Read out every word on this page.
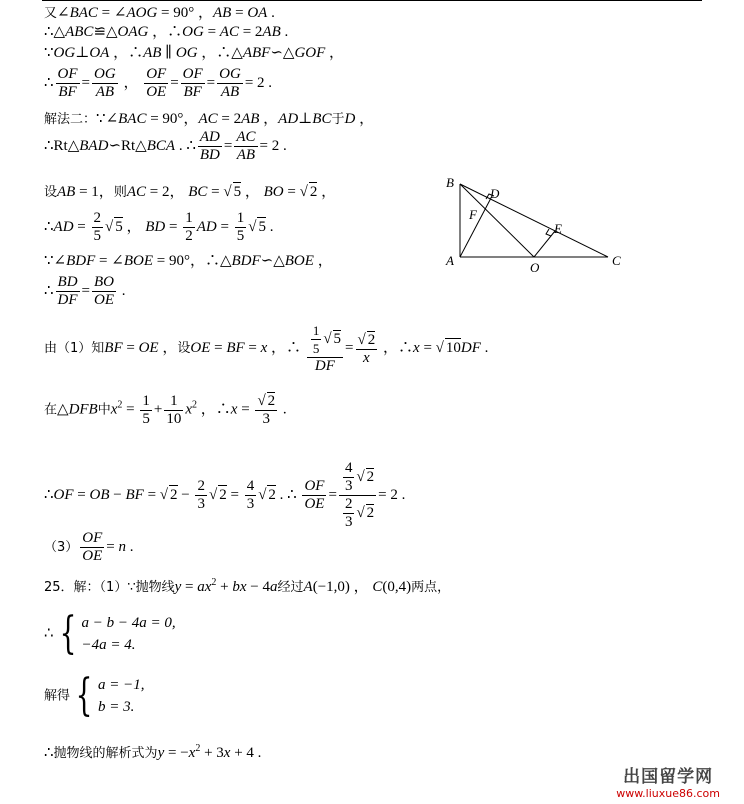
又∠BAC = ∠AOG = 90° ，AB = OA .
∴△ABC≌△OAG ，∴OG = AC = 2AB .
∵OG⊥OA ，∴AB ∥ OG ，∴△ABF∽△GOF ，
∴ $\frac{OF}{BF} = \frac{OG}{AB}$ ， $\frac{OF}{OE} = \frac{OF}{BF} = \frac{OG}{AB} = 2$ .
解法二：∵∠BAC = 90°，AC = 2AB ，AD⊥BC于D ，
∴Rt△BAD∽Rt△BCA . ∴ $\frac{AD}{BD} = \frac{AC}{AB} = 2$ .
设AB = 1，则AC = 2， BC = √ 5 ， BO = √ 2 ，
∴AD = $\frac{2}{5}$ √ 5 ， BD = $\frac{1}{2}$ AD = $\frac{1}{5}$ √ 5 .
∵∠BDF = ∠BOE = 90°，∴△BDF∽△BOE ，
∴ $\frac{BD}{DF} = \frac{BO}{OE}$ .
B
D
F
E
A	O	C
由（1）知BF = OE ，设OE = BF = x ，∴ $\frac{\frac{1}{5} √ 5}{DF} = \frac{√ 2}{x}$ ，∴x = √ 10DF .
在△DFB中$x^2 = \frac{1}{5} + \frac{1}{10} x^2$ ，∴x = $\frac{√ 2}{3}$ .
∴OF = OB − BF = √ $2 - \frac{2}{3}$ √ $2 = \frac{4}{3}$ √ 2 . ∴ $\frac{OF}{OE} = \frac{\frac{4}{3} √ 2}{\frac{2}{3} √ 2} = 2$ .
$(3) \frac{OF}{OE} = n$ .
25．解：（1）∵抛物线$y = ax^2$ + bx − 4a经过A(−1,0) ， C(0,4)两点，
∴ { a − b − 4a = 0,
−4a = 4.
解得 { a = −1,
b = 3.
∴抛物线的解析式为$y = -x^2 + 3x + 4$ .
出国留学网
www.liuxue86.com
